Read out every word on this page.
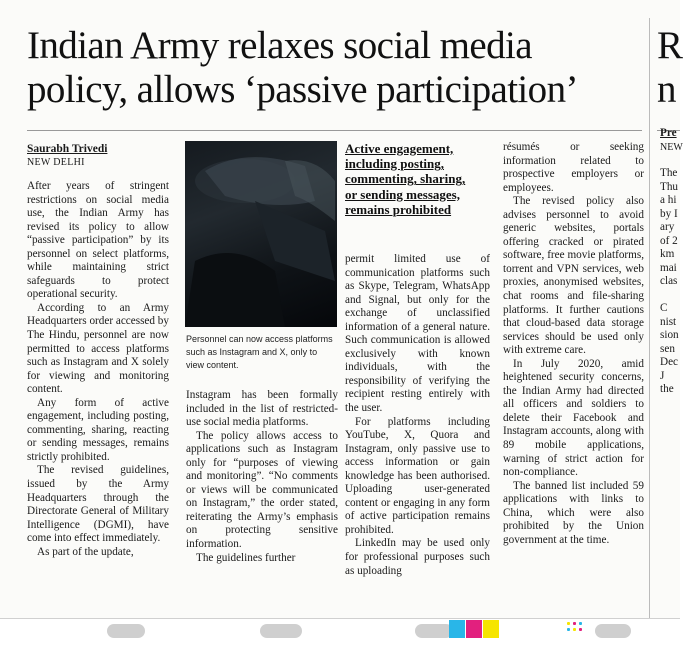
Indian Army relaxes social media
policy, allows ‘passive participation’
R
n
Saurabh Trivedi
NEW DELHI

After years of stringent restrictions on social media use, the Indian Army has revised its policy to allow “passive participation” by its personnel on select platforms, while maintaining strict safeguards to protect operational security.

According to an Army Headquarters order accessed by The Hindu, personnel are now permitted to access platforms such as Instagram and X solely for viewing and monitoring content.

Any form of active engagement, including posting, commenting, sharing, reacting or sending messages, remains strictly prohibited.

The revised guidelines, issued by the Army Headquarters through the Directorate General of Military Intelligence (DGMI), have come into effect immediately.

As part of the update,

Personnel can now access platforms such as Instagram and X, only to view content.

Instagram has been formally included in the list of restricted-use social media platforms.

The policy allows access to applications such as Instagram only for “purposes of viewing and monitoring”. “No comments or views will be communicated on Instagram,” the order stated, reiterating the Army’s emphasis on protecting sensitive information.

The guidelines further

Active engagement,
including posting,
commenting, sharing,
or sending messages,
remains prohibited

permit limited use of communication platforms such as Skype, Telegram, WhatsApp and Signal, but only for the exchange of unclassified information of a general nature. Such communication is allowed exclusively with known individuals, with the responsibility of verifying the recipient resting entirely with the user.

For platforms including YouTube, X, Quora and Instagram, only passive use to access information or gain knowledge has been authorised. Uploading user-generated content or engaging in any form of active participation remains prohibited.

LinkedIn may be used only for professional purposes such as uploading

résumés or seeking information related to prospective employers or employees.

The revised policy also advises personnel to avoid generic websites, portals offering cracked or pirated software, free movie platforms, torrent and VPN services, web proxies, anonymised websites, chat rooms and file-sharing platforms. It further cautions that cloud-based data storage services should be used only with extreme care.

In July 2020, amid heightened security concerns, the Indian Army had directed all officers and soldiers to delete their Facebook and Instagram accounts, along with 89 mobile applications, warning of strict action for non-compliance.

The banned list included 59 applications with links to China, which were also prohibited by the Union government at the time.

Pre
NEW
The
Thu
a hi
by I
ary
of 2
km
mai
clas
C
nist
sion
sen
Dec
J
the
